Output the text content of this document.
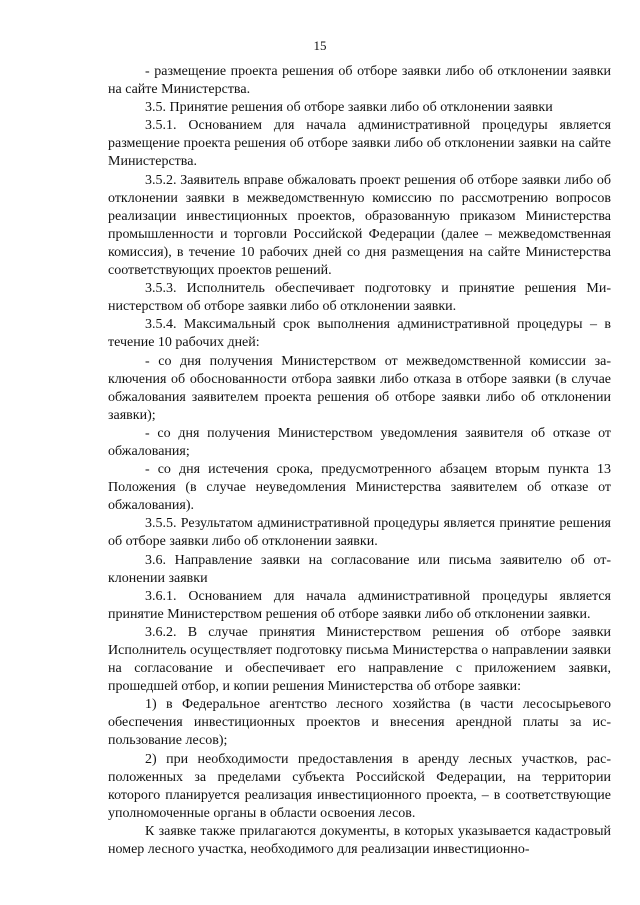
15

- размещение проекта решения об отборе заявки либо об отклонении заявки на сайте Министерства.

3.5. Принятие решения об отборе заявки либо об отклонении заявки

3.5.1. Основанием для начала административной процедуры является размещение проекта решения об отборе заявки либо об отклонении заявки на сайте Министерства.

3.5.2. Заявитель вправе обжаловать проект решения об отборе заявки либо об отклонении заявки в межведомственную комиссию по рассмотрению вопросов реализации инвестиционных проектов, образованную приказом Министерства промышленности и торговли Российской Федерации (далее – межведомственная комиссия), в течение 10 рабочих дней со дня размещения на сайте Министерства соответствующих проектов решений.

3.5.3. Исполнитель обеспечивает подготовку и принятие решения Министерством об отборе заявки либо об отклонении заявки.

3.5.4. Максимальный срок выполнения административной процедуры – в течение 10 рабочих дней:

- со дня получения Министерством от межведомственной комиссии заключения об обоснованности отбора заявки либо отказа в отборе заявки (в случае обжалования заявителем проекта решения об отборе заявки либо об отклонении заявки);

- со дня получения Министерством уведомления заявителя об отказе от обжалования;

- со дня истечения срока, предусмотренного абзацем вторым пункта 13 Положения (в случае неуведомления Министерства заявителем об отказе от обжалования).

3.5.5. Результатом административной процедуры является принятие решения об отборе заявки либо об отклонении заявки.

3.6. Направление заявки на согласование или письма заявителю об отклонении заявки

3.6.1. Основанием для начала административной процедуры является принятие Министерством решения об отборе заявки либо об отклонении заявки.

3.6.2. В случае принятия Министерством решения об отборе заявки Исполнитель осуществляет подготовку письма Министерства о направлении заявки на согласование и обеспечивает его направление с приложением заявки, прошедшей отбор, и копии решения Министерства об отборе заявки:

1) в Федеральное агентство лесного хозяйства (в части лесосырьевого обеспечения инвестиционных проектов и внесения арендной платы за использование лесов);

2) при необходимости предоставления в аренду лесных участков, расположенных за пределами субъекта Российской Федерации, на территории которого планируется реализация инвестиционного проекта, – в соответствующие уполномоченные органы в области освоения лесов.

К заявке также прилагаются документы, в которых указывается кадастровый номер лесного участка, необходимого для реализации инвестиционно-
